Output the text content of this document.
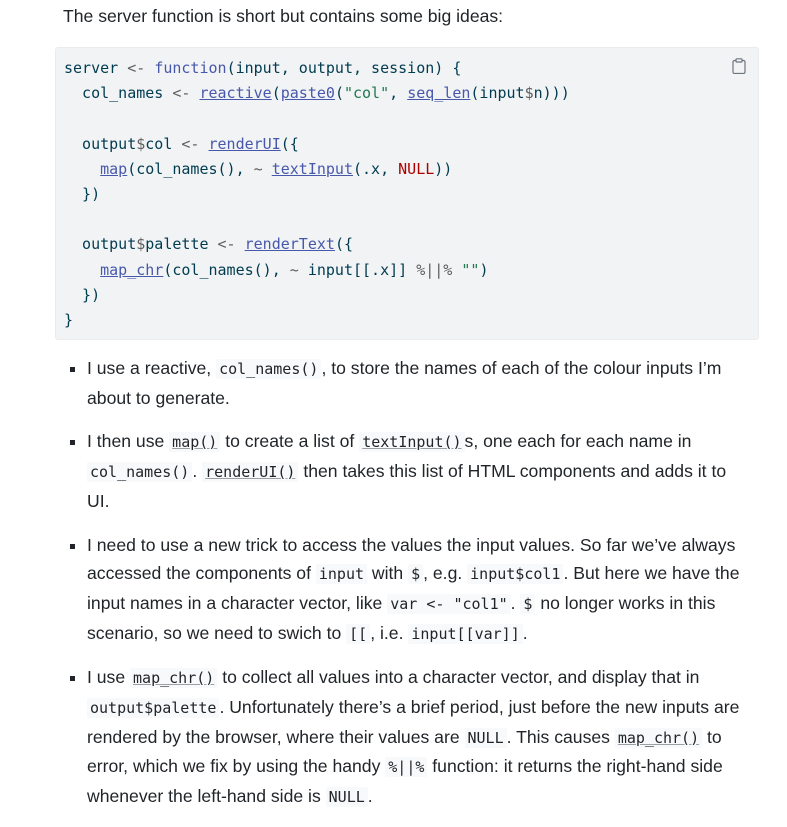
The server function is short but contains some big ideas:

server <- function(input, output, session) {
col_names <- reactive(paste0("col", seq_len(input$n)))

output$col <- renderUI({
map(col_names(), ~ textInput(.x, NULL))
})

output$palette <- renderText({
map_chr(col_names(), ~ input[[.x]] %||% "")
})
}
I use a reactive, col_names() , to store the names of each of the colour inputs I’m about to generate.
I then use map() to create a list of textInput() s, one each for each name in col_names() . renderUI() then takes this list of HTML components and adds it to UI.
I need to use a new trick to access the values the input values. So far we’ve always accessed the components of input with $ , e.g. input$col1 . But here we have the input names in a character vector, like var <- "col1" . $ no longer works in this scenario, so we need to swich to [[ , i.e. input[[var]] .
I use map_chr() to collect all values into a character vector, and display that in output$palette . Unfortunately there’s a brief period, just before the new inputs are rendered by the browser, where their values are NULL . This causes map_chr() to error, which we fix by using the handy %||% function: it returns the right-hand side whenever the left-hand side is NULL .
